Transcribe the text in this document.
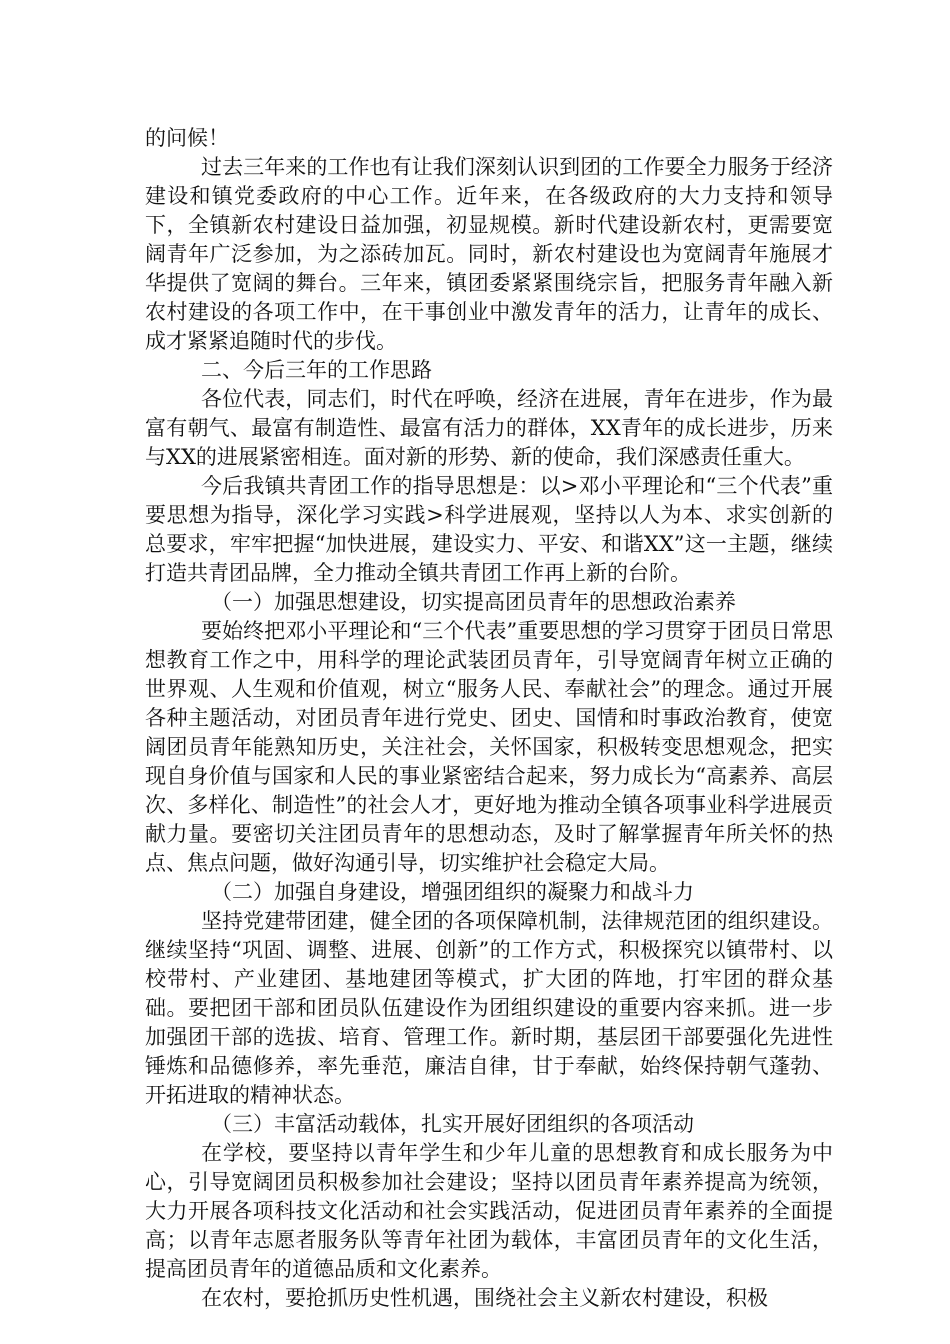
的问候！

过去三年来的工作也有让我们深刻认识到团的工作要全力服务于经济建设和镇党委政府的中心工作。近年来，在各级政府的大力支持和领导下，全镇新农村建设日益加强，初显规模。新时代建设新农村，更需要宽阔青年广泛参加，为之添砖加瓦。同时，新农村建设也为宽阔青年施展才华提供了宽阔的舞台。三年来，镇团委紧紧围绕宗旨，把服务青年融入新农村建设的各项工作中，在干事创业中激发青年的活力，让青年的成长、成才紧紧追随时代的步伐。

二、今后三年的工作思路

各位代表，同志们，时代在呼唤，经济在进展，青年在进步，作为最富有朝气、最富有制造性、最富有活力的群体，XX青年的成长进步，历来与XX的进展紧密相连。面对新的形势、新的使命，我们深感责任重大。

今后我镇共青团工作的指导思想是：以>邓小平理论和“三个代表”重要思想为指导，深化学习实践>科学进展观，坚持以人为本、求实创新的总要求，牢牢把握“加快进展，建设实力、平安、和谐XX”这一主题，继续打造共青团品牌，全力推动全镇共青团工作再上新的台阶。

（一）加强思想建设，切实提高团员青年的思想政治素养

要始终把邓小平理论和“三个代表”重要思想的学习贯穿于团员日常思想教育工作之中，用科学的理论武装团员青年，引导宽阔青年树立正确的世界观、人生观和价值观，树立“服务人民、奉献社会”的理念。通过开展各种主题活动，对团员青年进行党史、团史、国情和时事政治教育，使宽阔团员青年能熟知历史，关注社会，关怀国家，积极转变思想观念，把实现自身价值与国家和人民的事业紧密结合起来，努力成长为“高素养、高层次、多样化、制造性”的社会人才，更好地为推动全镇各项事业科学进展贡献力量。要密切关注团员青年的思想动态，及时了解掌握青年所关怀的热点、焦点问题，做好沟通引导，切实维护社会稳定大局。

（二）加强自身建设，增强团组织的凝聚力和战斗力

坚持党建带团建，健全团的各项保障机制，法律规范团的组织建设。继续坚持“巩固、调整、进展、创新”的工作方式，积极探究以镇带村、以校带村、产业建团、基地建团等模式，扩大团的阵地，打牢团的群众基础。要把团干部和团员队伍建设作为团组织建设的重要内容来抓。进一步加强团干部的选拔、培育、管理工作。新时期，基层团干部要强化先进性锤炼和品德修养，率先垂范，廉洁自律，甘于奉献，始终保持朝气蓬勃、开拓进取的精神状态。

（三）丰富活动载体，扎实开展好团组织的各项活动

在学校，要坚持以青年学生和少年儿童的思想教育和成长服务为中心，引导宽阔团员积极参加社会建设；坚持以团员青年素养提高为统领，大力开展各项科技文化活动和社会实践活动，促进团员青年素养的全面提高；以青年志愿者服务队等青年社团为载体，丰富团员青年的文化生活，提高团员青年的道德品质和文化素养。

在农村，要抢抓历史性机遇，围绕社会主义新农村建设，积极
